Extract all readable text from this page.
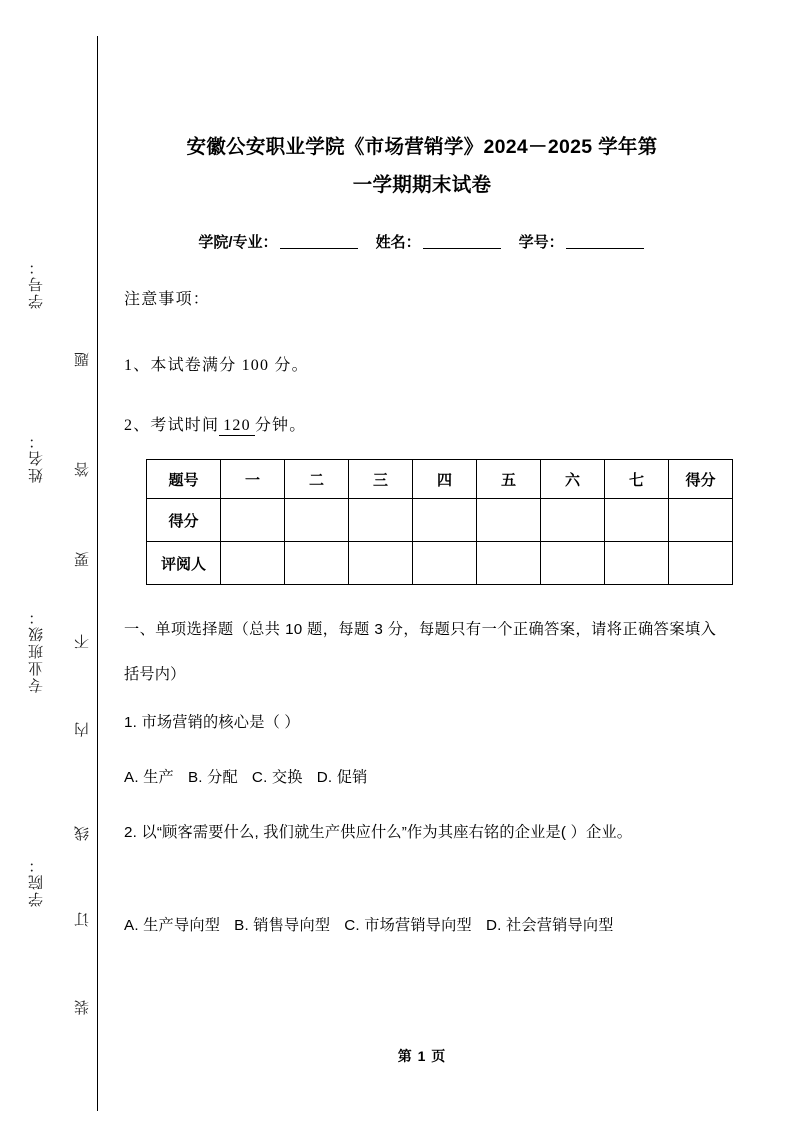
学号：
姓名：
专业班级：
学院：
题
答
要
不
内
线
订
装
安徽公安职业学院《市场营销学》2024－2025 学年第
一学期期末试卷
学院/专业：	姓名：	学号：
注意事项：
1、本试卷满分 100 分。
2、考试时间 120 分钟。
题号	一	二	三	四	五	六	七	得分
得分								
评阅人								
一、单项选择题（总共 10 题，每题 3 分，每题只有一个正确答案，请将正确答案填入括号内）
1. 市场营销的核心是（ ）
A. 生产 B. 分配 C. 交换 D. 促销
2. 以“顾客需要什么, 我们就生产供应什么”作为其座右铭的企业是( ）企业。
A. 生产导向型 B. 销售导向型 C. 市场营销导向型 D. 社会营销导向型
第 1 页
